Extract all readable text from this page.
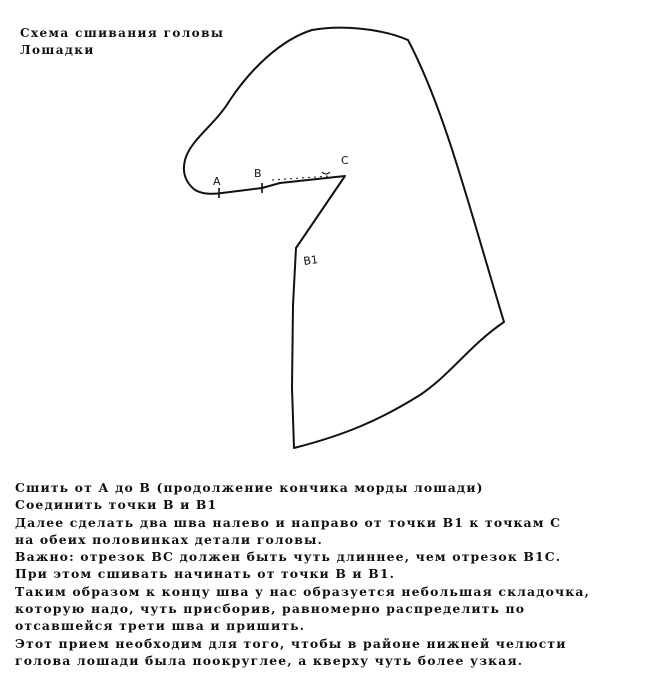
Схема сшивания головы
Лошадки
A
B
C
B1
Сшить от А до В (продолжение кончика морды лошади)
Соединить точки В и В1
Далее сделать два шва налево и направо от точки В1 к точкам С
на обеих половинках детали головы.
Важно: отрезок ВС должен быть чуть длиннее, чем отрезок В1С.
При этом сшивать начинать от точки В и В1.
Таким образом к концу шва у нас образуется небольшая складочка,
которую надо, чуть присборив, равномерно распределить по
отсавшейся трети шва и пришить.
Этот прием необходим для того, чтобы в районе нижней челюсти
голова лошади была поокруглее, а кверху чуть более узкая.
